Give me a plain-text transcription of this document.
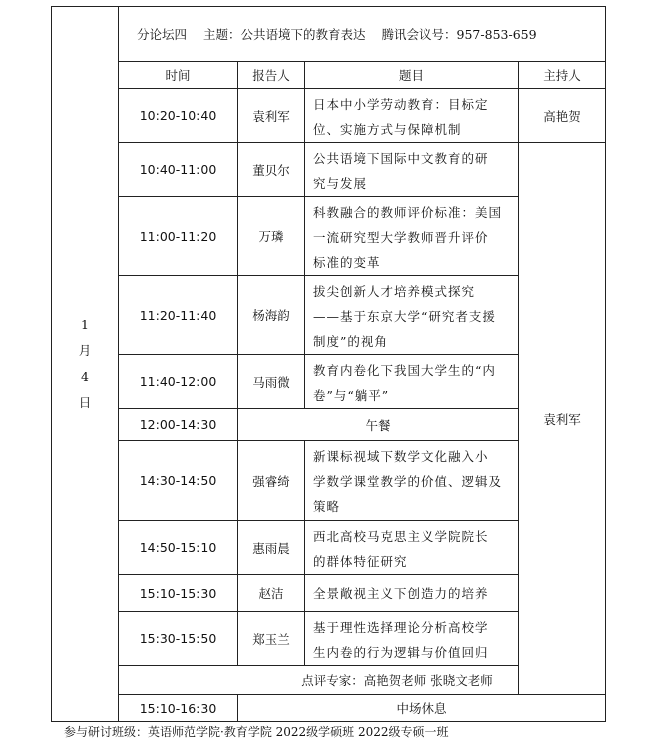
1
月
4
日	分论坛四 主题：公共语境下的教育表达 腾讯会议号：957-853-659			
	时间	报告人	题目	主持人
	10:20-10:40	袁利军	日本中小学劳动教育：目标定
位、实施方式与保障机制	高艳贺
	10:40-11:00	董贝尔	公共语境下国际中文教育的研
究与发展	袁利军
	11:00-11:20	万璘	科教融合的教师评价标准：美国
一流研究型大学教师晋升评价
标准的变革	
	11:20-11:40	杨海韵	拔尖创新人才培养模式探究
——基于东京大学“研究者支援
制度”的视角	
	11:40-12:00	马雨微	教育内卷化下我国大学生的“内
卷”与“躺平”	
	12:00-14:30	午餐		
	14:30-14:50	强睿绮	新课标视域下数学文化融入小
学数学课堂教学的价值、逻辑及
策略	
	14:50-15:10	惠雨晨	西北高校马克思主义学院院长
的群体特征研究	
	15:10-15:30	赵洁	全景敞视主义下创造力的培养	
	15:30-15:50	郑玉兰	基于理性选择理论分析高校学
生内卷的行为逻辑与价值回归	
	点评专家：高艳贺老师 张晓文老师			
	15:10-16:30	中场休息		
参与研讨班级：英语师范学院·教育学院 2022级学硕班 2022级专硕一班
